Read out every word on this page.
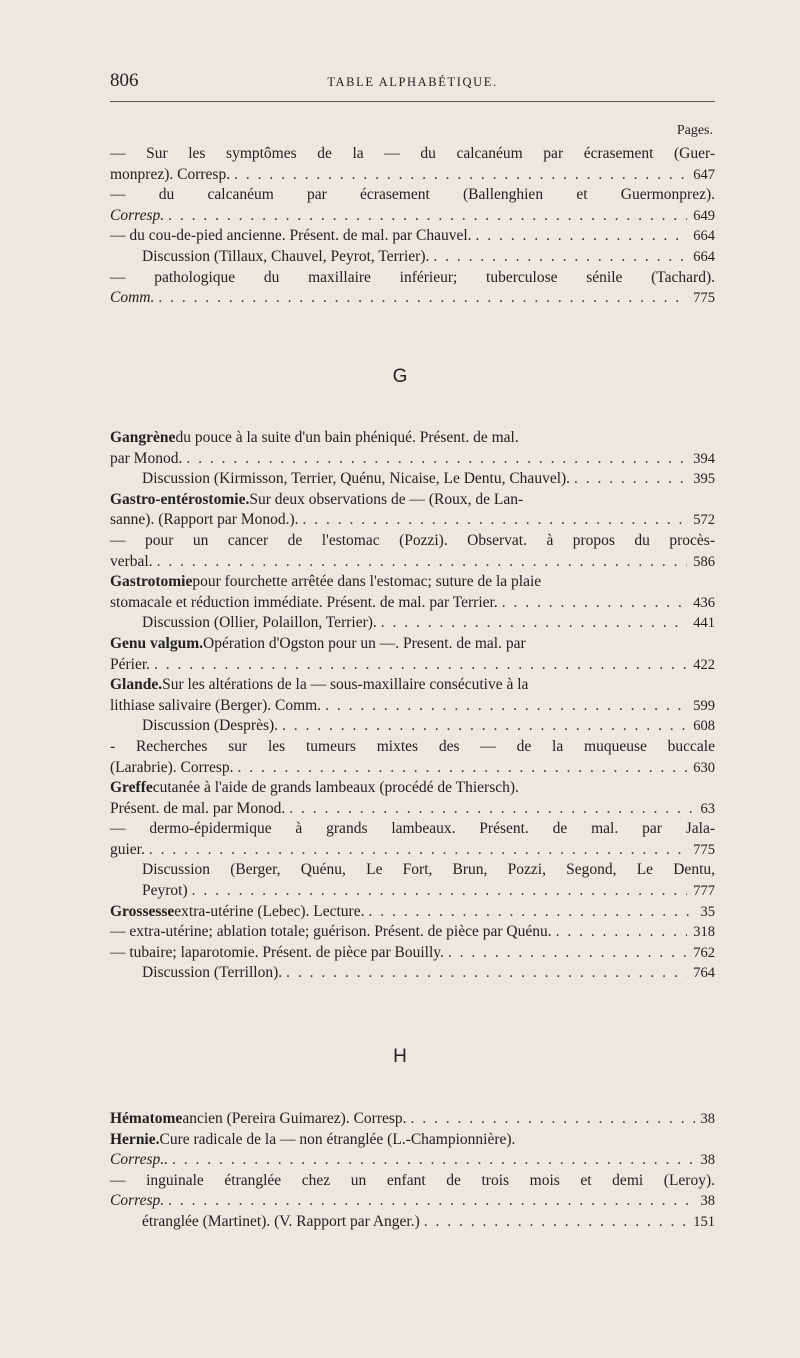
806	TABLE ALPHABÉTIQUE.
Pages.
— Sur les symptômes de la — du calcanéum par écrasement (Guer-
monprez). Corresp. . . .	647
— du calcanéum par écrasement (Ballenghien et Guermonprez).
Corresp. . . .	649
— du cou-de-pied ancienne. Présent. de mal. par Chauvel. . . .	664
Discussion (Tillaux, Chauvel, Peyrot, Terrier). . . .	664
— pathologique du maxillaire inférieur; tuberculose sénile (Tachard).
Comm. . . .	775
G
Gangrène du pouce à la suite d'un bain phéniqué. Présent. de mal.
par Monod. . . .	394
Discussion (Kirmisson, Terrier, Quénu, Nicaise, Le Dentu, Chauvel). . . .	395
Gastro-entérostomie. Sur deux observations de — (Roux, de Lan-
sanne). (Rapport par Monod.). . . .	572
— pour un cancer de l'estomac (Pozzi). Observat. à propos du procès-
verbal. . . .	586
Gastrotomie pour fourchette arrêtée dans l'estomac; suture de la plaie
stomacale et réduction immédiate. Présent. de mal. par Terrier. . . .	436
Discussion (Ollier, Polaillon, Terrier). . . .	441
Genu valgum. Opération d'Ogston pour un —. Present. de mal. par
Périer. . . .	422
Glande. Sur les altérations de la — sous-maxillaire consécutive à la
lithiase salivaire (Berger). Comm. . . .	599
Discussion (Desprès). . . .	608
- Recherches sur les tumeurs mixtes des — de la muqueuse buccale
(Larabrie). Corresp. . . .	630
Greffe cutanée à l'aide de grands lambeaux (procédé de Thiersch).
Présent. de mal. par Monod. . . .	63
— dermo-épidermique à grands lambeaux. Présent. de mal. par Jala-
guier. . . .	775
Discussion (Berger, Quénu, Le Fort, Brun, Pozzi, Segond, Le Dentu,
Peyrot) . . .	777
Grossesse extra-utérine (Lebec). Lecture. . . .	35
— extra-utérine; ablation totale; guérison. Présent. de pièce par Quénu. . . .	318
— tubaire; laparotomie. Présent. de pièce par Bouilly. . . .	762
Discussion (Terrillon). . . .	764
H
Hématome ancien (Pereira Guimarez). Corresp. . . .	38
Hernie. Cure radicale de la — non étranglée (L.-Championnière).
Corresp.. . . .	38
— inguinale étranglée chez un enfant de trois mois et demi (Leroy).
Corresp. . . .	38
étranglée (Martinet). (V. Rapport par Anger.) . . .	151
